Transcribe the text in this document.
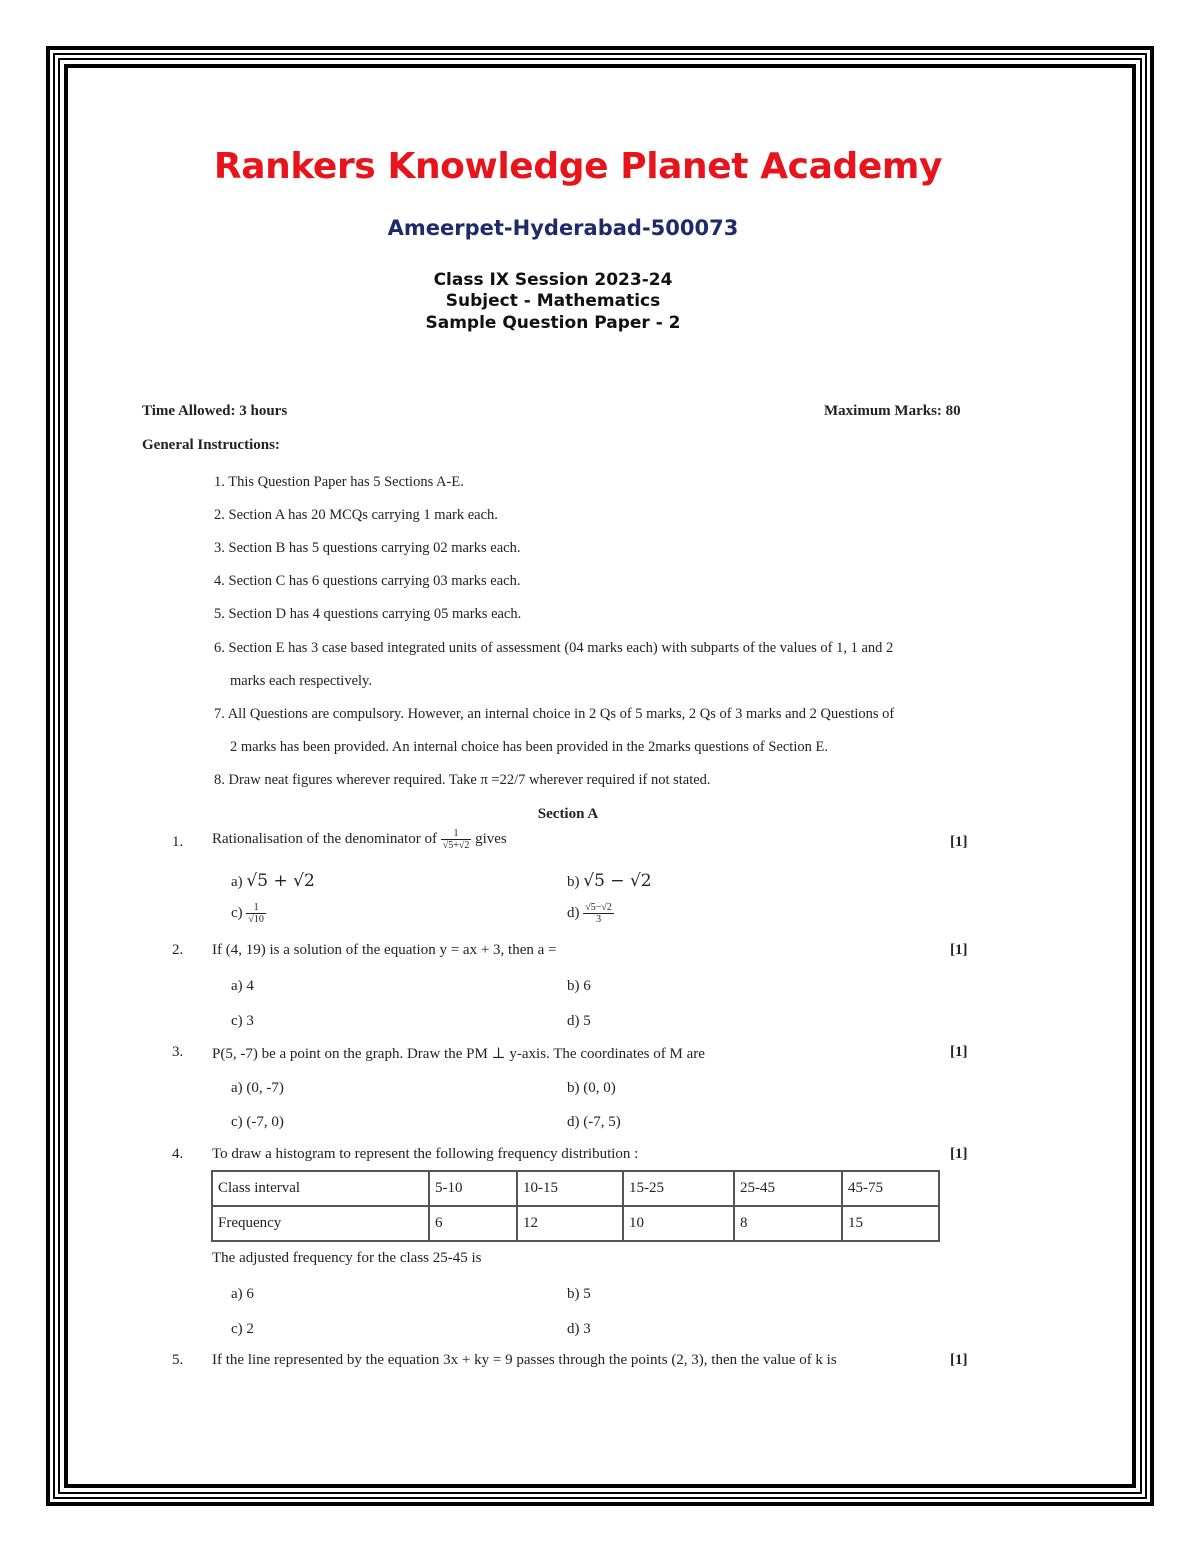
Rankers Knowledge Planet Academy
Ameerpet-Hyderabad-500073
Class IX Session 2023-24
Subject - Mathematics
Sample Question Paper - 2
Time Allowed: 3 hours	Maximum Marks: 80
General Instructions:
1. This Question Paper has 5 Sections A-E.
2. Section A has 20 MCQs carrying 1 mark each.
3. Section B has 5 questions carrying 02 marks each.
4. Section C has 6 questions carrying 03 marks each.
5. Section D has 4 questions carrying 05 marks each.
6. Section E has 3 case based integrated units of assessment (04 marks each) with subparts of the values of 1, 1 and 2
marks each respectively.
7. All Questions are compulsory. However, an internal choice in 2 Qs of 5 marks, 2 Qs of 3 marks and 2 Questions of
2 marks has been provided. An internal choice has been provided in the 2marks questions of Section E.
8. Draw neat figures wherever required. Take π =22/7 wherever required if not stated.
Section A
1. Rationalisation of the denominator of $\frac{1}{√5+√2}$ gives	[1]
a) √5 + √2	b) √5 − √2
$c) \frac{1}{√10}$	$d) \frac{√5-√2}{3}$
2. If (4, 19) is a solution of the equation y = ax + 3, then a =	[1]
a) 4	b) 6
c) 3	d) 5
3. P(5, -7) be a point on the graph. Draw the PM ⊥ y-axis. The coordinates of M are	[1]
a) (0, -7)	b) (0, 0)
c) (-7, 0)	d) (-7, 5)
4. To draw a histogram to represent the following frequency distribution :	[1]
Class interval	5-10	10-15	15-25	25-45	45-75
Frequency	6	12	10	8	15
The adjusted frequency for the class 25-45 is
a) 6	b) 5
c) 2	d) 3
5. If the line represented by the equation 3x + ky = 9 passes through the points (2, 3), then the value of k is	[1]
